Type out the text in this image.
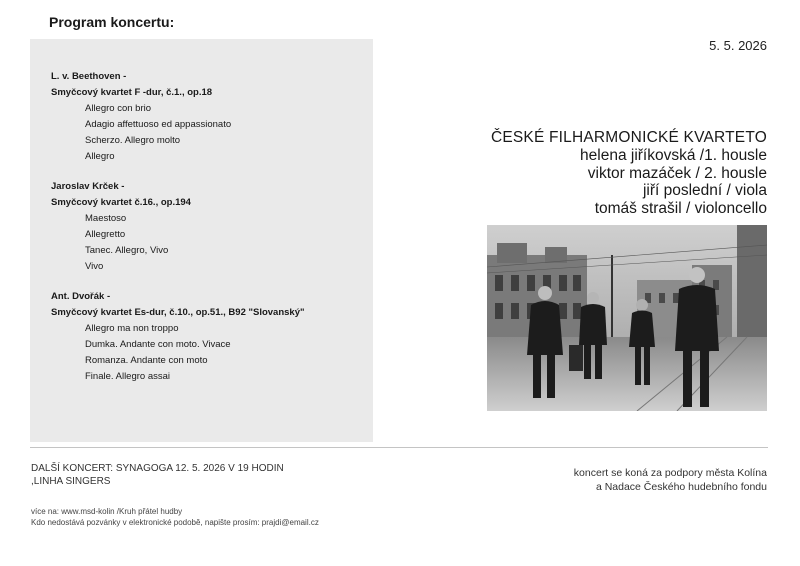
Program koncertu:
L. v. Beethoven -
Smyčcový kvartet F -dur, č.1., op.18
Allegro con brio
Adagio affettuoso ed appassionato
Scherzo. Allegro molto
Allegro
Jaroslav Krček -
Smyčcový kvartet č.16., op.194
Maestoso
Allegretto
Tanec. Allegro, Vivo
Vivo
Ant. Dvořák -
Smyčcový kvartet Es-dur, č.10., op.51., B92 "Slovanský"
Allegro ma non troppo
Dumka. Andante con moto. Vivace
Romanza. Andante con moto
Finale. Allegro assai
5. 5. 2026
ČESKÉ FILHARMONICKÉ KVARTETO
helena jiříkovská /1. housle
viktor mazáček / 2. housle
jiří poslední / viola
tomáš strašil / violoncello
DALŠÍ KONCERT: SYNAGOGA 12. 5. 2026 V 19 HODIN
,LINHA SINGERS
koncert se koná za podpory města Kolína
a Nadace Českého hudebního fondu
více na: www.msd-kolin /Kruh přátel hudby
Kdo nedostává pozvánky v elektronické podobě, napište prosím: prajdi@email.cz
